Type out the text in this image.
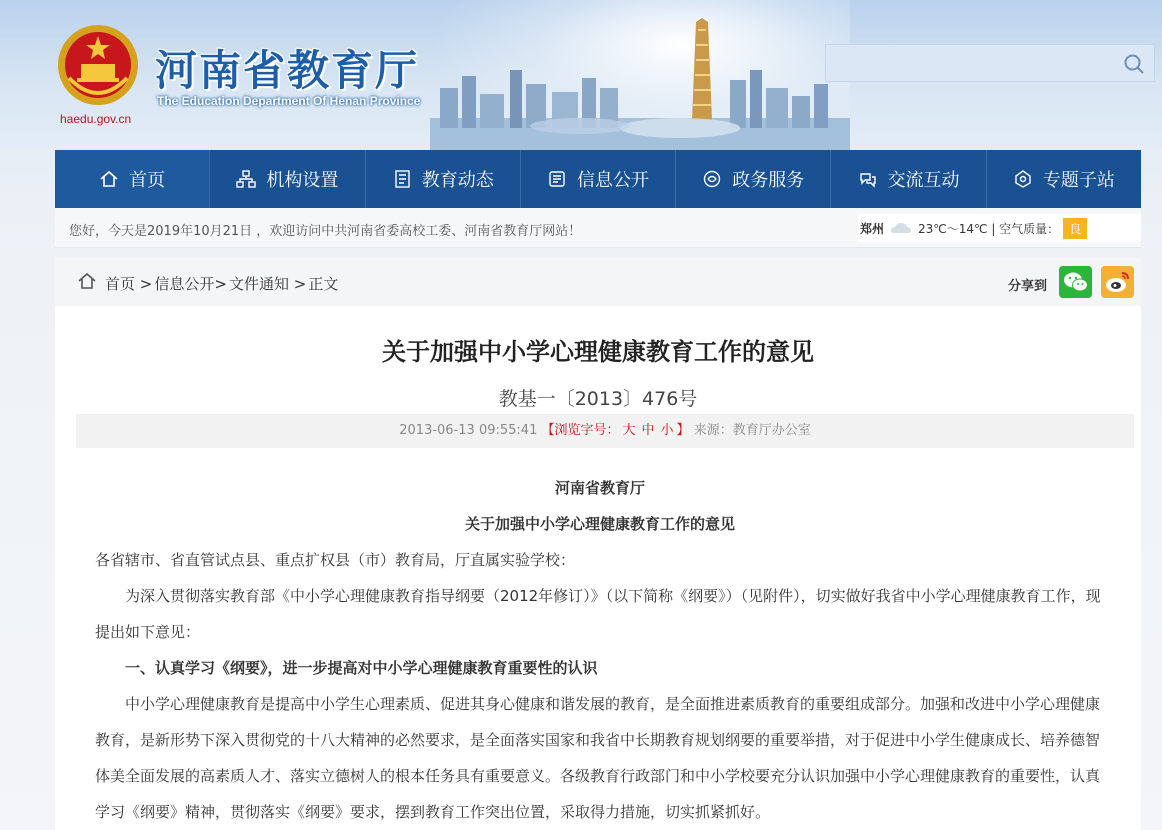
haedu.gov.cn
河南省教育厅
The Education Department Of Henan Province
首页	机构设置	教育动态	信息公开	政务服务	交流互动	专题子站
您好，今天是2019年10月21日 ，欢迎访问中共河南省委高校工委、河南省教育厅网站！	郑州	23℃～14℃ | 空气质量： 良
首页 > 信息公开> 文件通知 > 正文	分享到
关于加强中小学心理健康教育工作的意见
教基一〔2013〕476号
2013-06-13 09:55:41 【浏览字号： 大 中 小 】 来源：教育厅办公室

河南省教育厅

关于加强中小学心理健康教育工作的意见

各省辖市、省直管试点县、重点扩权县（市）教育局，厅直属实验学校：

为深入贯彻落实教育部《中小学心理健康教育指导纲要（2012年修订）》（以下简称《纲要》）（见附件），切实做好我省中小学心理健康教育工作，现提出如下意见：

一、认真学习《纲要》，进一步提高对中小学心理健康教育重要性的认识

中小学心理健康教育是提高中小学生心理素质、促进其身心健康和谐发展的教育，是全面推进素质教育的重要组成部分。加强和改进中小学心理健康教育，是新形势下深入贯彻党的十八大精神的必然要求，是全面落实国家和我省中长期教育规划纲要的重要举措，对于促进中小学生健康成长、培养德智体美全面发展的高素质人才、落实立德树人的根本任务具有重要意义。各级教育行政部门和中小学校要充分认识加强中小学心理健康教育的重要性，认真学习《纲要》精神，贯彻落实《纲要》要求，摆到教育工作突出位置，采取得力措施，切实抓紧抓好。
